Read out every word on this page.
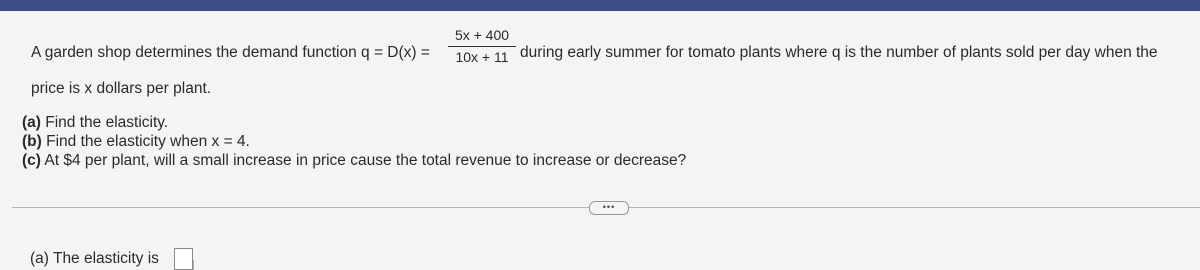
A garden shop determines the demand function q = D(x) =
5x + 400
10x + 11 during early summer for tomato plants where q is the number of plants sold per day when the
price is x dollars per plant.
(a) Find the elasticity.
(b) Find the elasticity when x = 4.
(c) At $4 per plant, will a small increase in price cause the total revenue to increase or decrease?
•••
(a) The elasticity is
